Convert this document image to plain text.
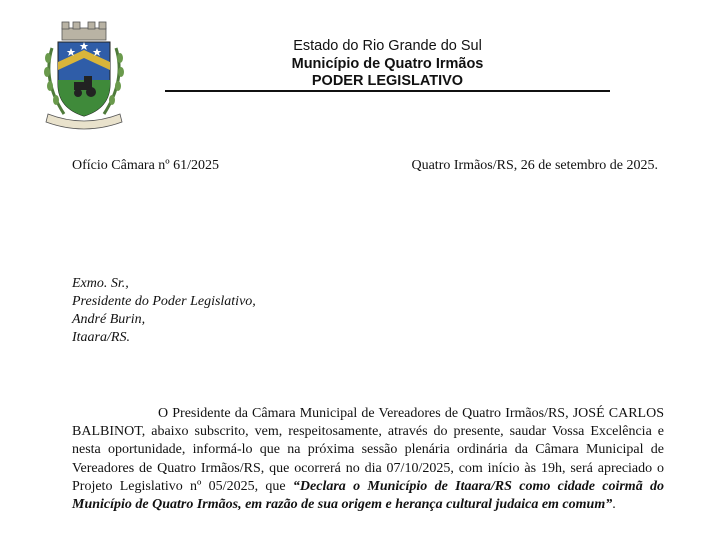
Estado do Rio Grande do Sul
Município de Quatro Irmãos
PODER LEGISLATIVO
Ofício Câmara nº 61/2025	Quatro Irmãos/RS, 26 de setembro de 2025.
Exmo. Sr.,
Presidente do Poder Legislativo,
André Burin,
Itaara/RS.

O Presidente da Câmara Municipal de Vereadores de Quatro Irmãos/RS, JOSÉ CARLOS BALBINOT, abaixo subscrito, vem, respeitosamente, através do presente, saudar Vossa Excelência e nesta oportunidade, informá-lo que na próxima sessão plenária ordinária da Câmara Municipal de Vereadores de Quatro Irmãos/RS, que ocorrerá no dia 07/10/2025, com início às 19h, será apreciado o Projeto Legislativo nº 05/2025, que “Declara o Município de Itaara/RS como cidade coirmã do Município de Quatro Irmãos, em razão de sua origem e herança cultural judaica em comum”.
